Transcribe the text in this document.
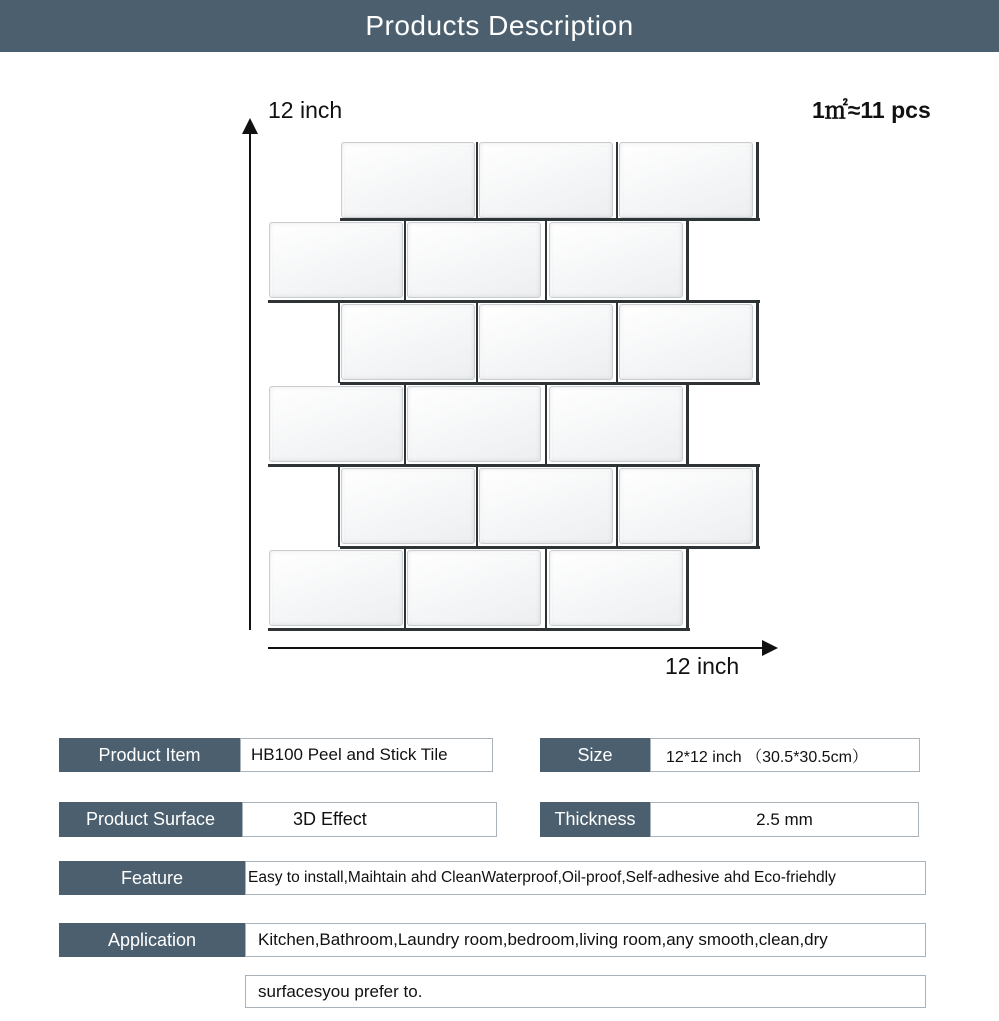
Products Description
12 inch	1㎡≈11 pcs
12 inch
Product Item	HB100 Peel and Stick Tile	Size	12*12 inch （30.5*30.5cm）
Product Surface	3D Effect	Thickness	2.5 mm
Feature	Easy to install,Maihtain ahd CleanWaterproof,Oil-proof,Self-adhesive ahd Eco-friehdly
Application	Kitchen,Bathroom,Laundry room,bedroom,living room,any smooth,clean,dry
surfacesyou prefer to.
